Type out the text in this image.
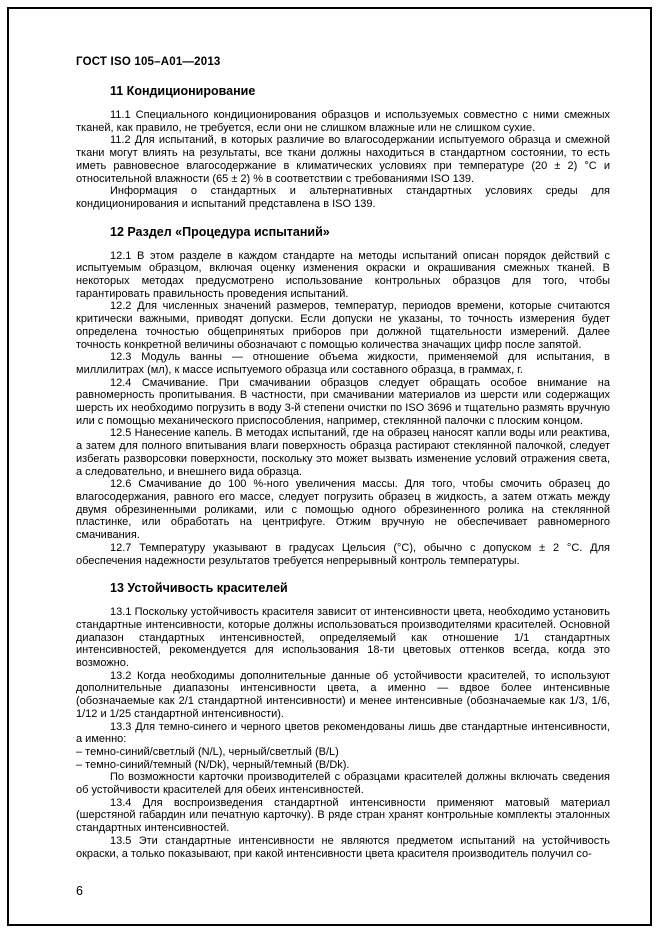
ГОСТ ISO 105–A01—2013
11 Кондиционирование

11.1 Специального кондиционирования образцов и используемых совместно с ними смежных тканей, как правило, не требуется, если они не слишком влажные или не слишком сухие.

11.2 Для испытаний, в которых различие во влагосодержании испытуемого образца и смежной ткани могут влиять на результаты, все ткани должны находиться в стандартном состоянии, то есть иметь равновесное влагосодержание в климатических условиях при температуре (20 ± 2) °С и относительной влажности (65 ± 2) % в соответствии с требованиями ISO 139.

Информация о стандартных и альтернативных стандартных условиях среды для кондиционирования и испытаний представлена в ISO 139.

12 Раздел «Процедура испытаний»

12.1 В этом разделе в каждом стандарте на методы испытаний описан порядок действий с испытуемым образцом, включая оценку изменения окраски и окрашивания смежных тканей. В некоторых методах предусмотрено использование контрольных образцов для того, чтобы гарантировать правильность проведения испытаний.

12.2 Для численных значений размеров, температур, периодов времени, которые считаются критически важными, приводят допуски. Если допуски не указаны, то точность измерения будет определена точностью общепринятых приборов при должной тщательности измерений. Далее точность конкретной величины обозначают с помощью количества значащих цифр после запятой.

12.3 Модуль ванны — отношение объема жидкости, применяемой для испытания, в миллилитрах (мл), к массе испытуемого образца или составного образца, в граммах, г.

12.4 Смачивание. При смачивании образцов следует обращать особое внимание на равномерность пропитывания. В частности, при смачивании материалов из шерсти или содержащих шерсть их необходимо погрузить в воду 3-й степени очистки по ISO 3696 и тщательно размять вручную или с помощью механического приспособления, например, стеклянной палочки с плоским концом.

12.5 Нанесение капель. В методах испытаний, где на образец наносят капли воды или реактива, а затем для полного впитывания влаги поверхность образца растирают стеклянной палочкой, следует избегать разворсовки поверхности, поскольку это может вызвать изменение условий отражения света, а следовательно, и внешнего вида образца.

12.6 Смачивание до 100 %-ного увеличения массы. Для того, чтобы смочить образец до влагосодержания, равного его массе, следует погрузить образец в жидкость, а затем отжать между двумя обрезиненными роликами, или с помощью одного обрезиненного ролика на стеклянной пластинке, или обработать на центрифуге. Отжим вручную не обеспечивает равномерного смачивания.

12.7 Температуру указывают в градусах Цельсия (°С), обычно с допуском ± 2 °С. Для обеспечения надежности результатов требуется непрерывный контроль температуры.

13 Устойчивость красителей

13.1 Поскольку устойчивость красителя зависит от интенсивности цвета, необходимо установить стандартные интенсивности, которые должны использоваться производителями красителей. Основной диапазон стандартных интенсивностей, определяемый как отношение 1/1 стандартных интенсивностей, рекомендуется для использования 18-ти цветовых оттенков всегда, когда это возможно.

13.2 Когда необходимы дополнительные данные об устойчивости красителей, то используют дополнительные диапазоны интенсивности цвета, а именно — вдвое более интенсивные (обозначаемые как 2/1 стандартной интенсивности) и менее интенсивные (обозначаемые как 1/3, 1/6, 1/12 и 1/25 стандартной интенсивности).

13.3 Для темно-синего и черного цветов рекомендованы лишь две стандартные интенсивности, а именно:

– темно-синий/светлый (N/L), черный/светлый (B/L)

– темно-синий/темный (N/Dk), черный/темный (B/Dk).

По возможности карточки производителей с образцами красителей должны включать сведения об устойчивости красителей для обеих интенсивностей.

13.4 Для воспроизведения стандартной интенсивности применяют матовый материал (шерстяной габардин или печатную карточку). В ряде стран хранят контрольные комплекты эталонных стандартных интенсивностей.

13.5 Эти стандартные интенсивности не являются предметом испытаний на устойчивость окраски, а только показывают, при какой интенсивности цвета красителя производитель получил со-

6
